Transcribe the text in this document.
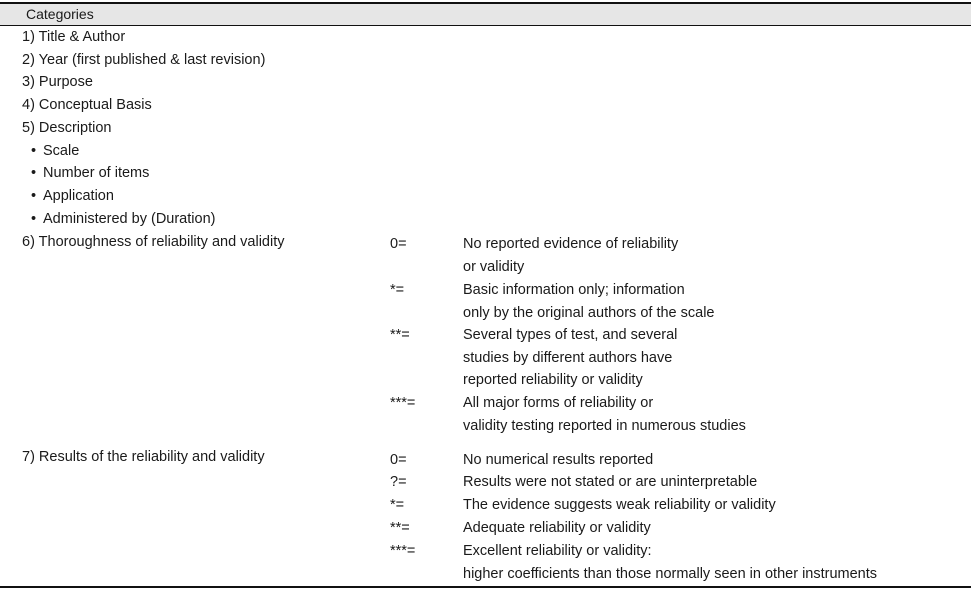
Categories
1) Title & Author
2) Year (first published & last revision)
3) Purpose
4) Conceptual Basis
5) Description
• Scale
• Number of items
• Application
• Administered by (Duration)
6) Thoroughness of reliability and validity	0=	No reported evidence of reliability
or validity
*=	Basic information only; information
only by the original authors of the scale
**=	Several types of test, and several
studies by different authors have
reported reliability or validity
***=	All major forms of reliability or
validity testing reported in numerous studies
7) Results of the reliability and validity	0=	No numerical results reported
?=	Results were not stated or are uninterpretable
*=	The evidence suggests weak reliability or validity
**=	Adequate reliability or validity
***=	Excellent reliability or validity:
higher coefficients than those normally seen in other instruments
